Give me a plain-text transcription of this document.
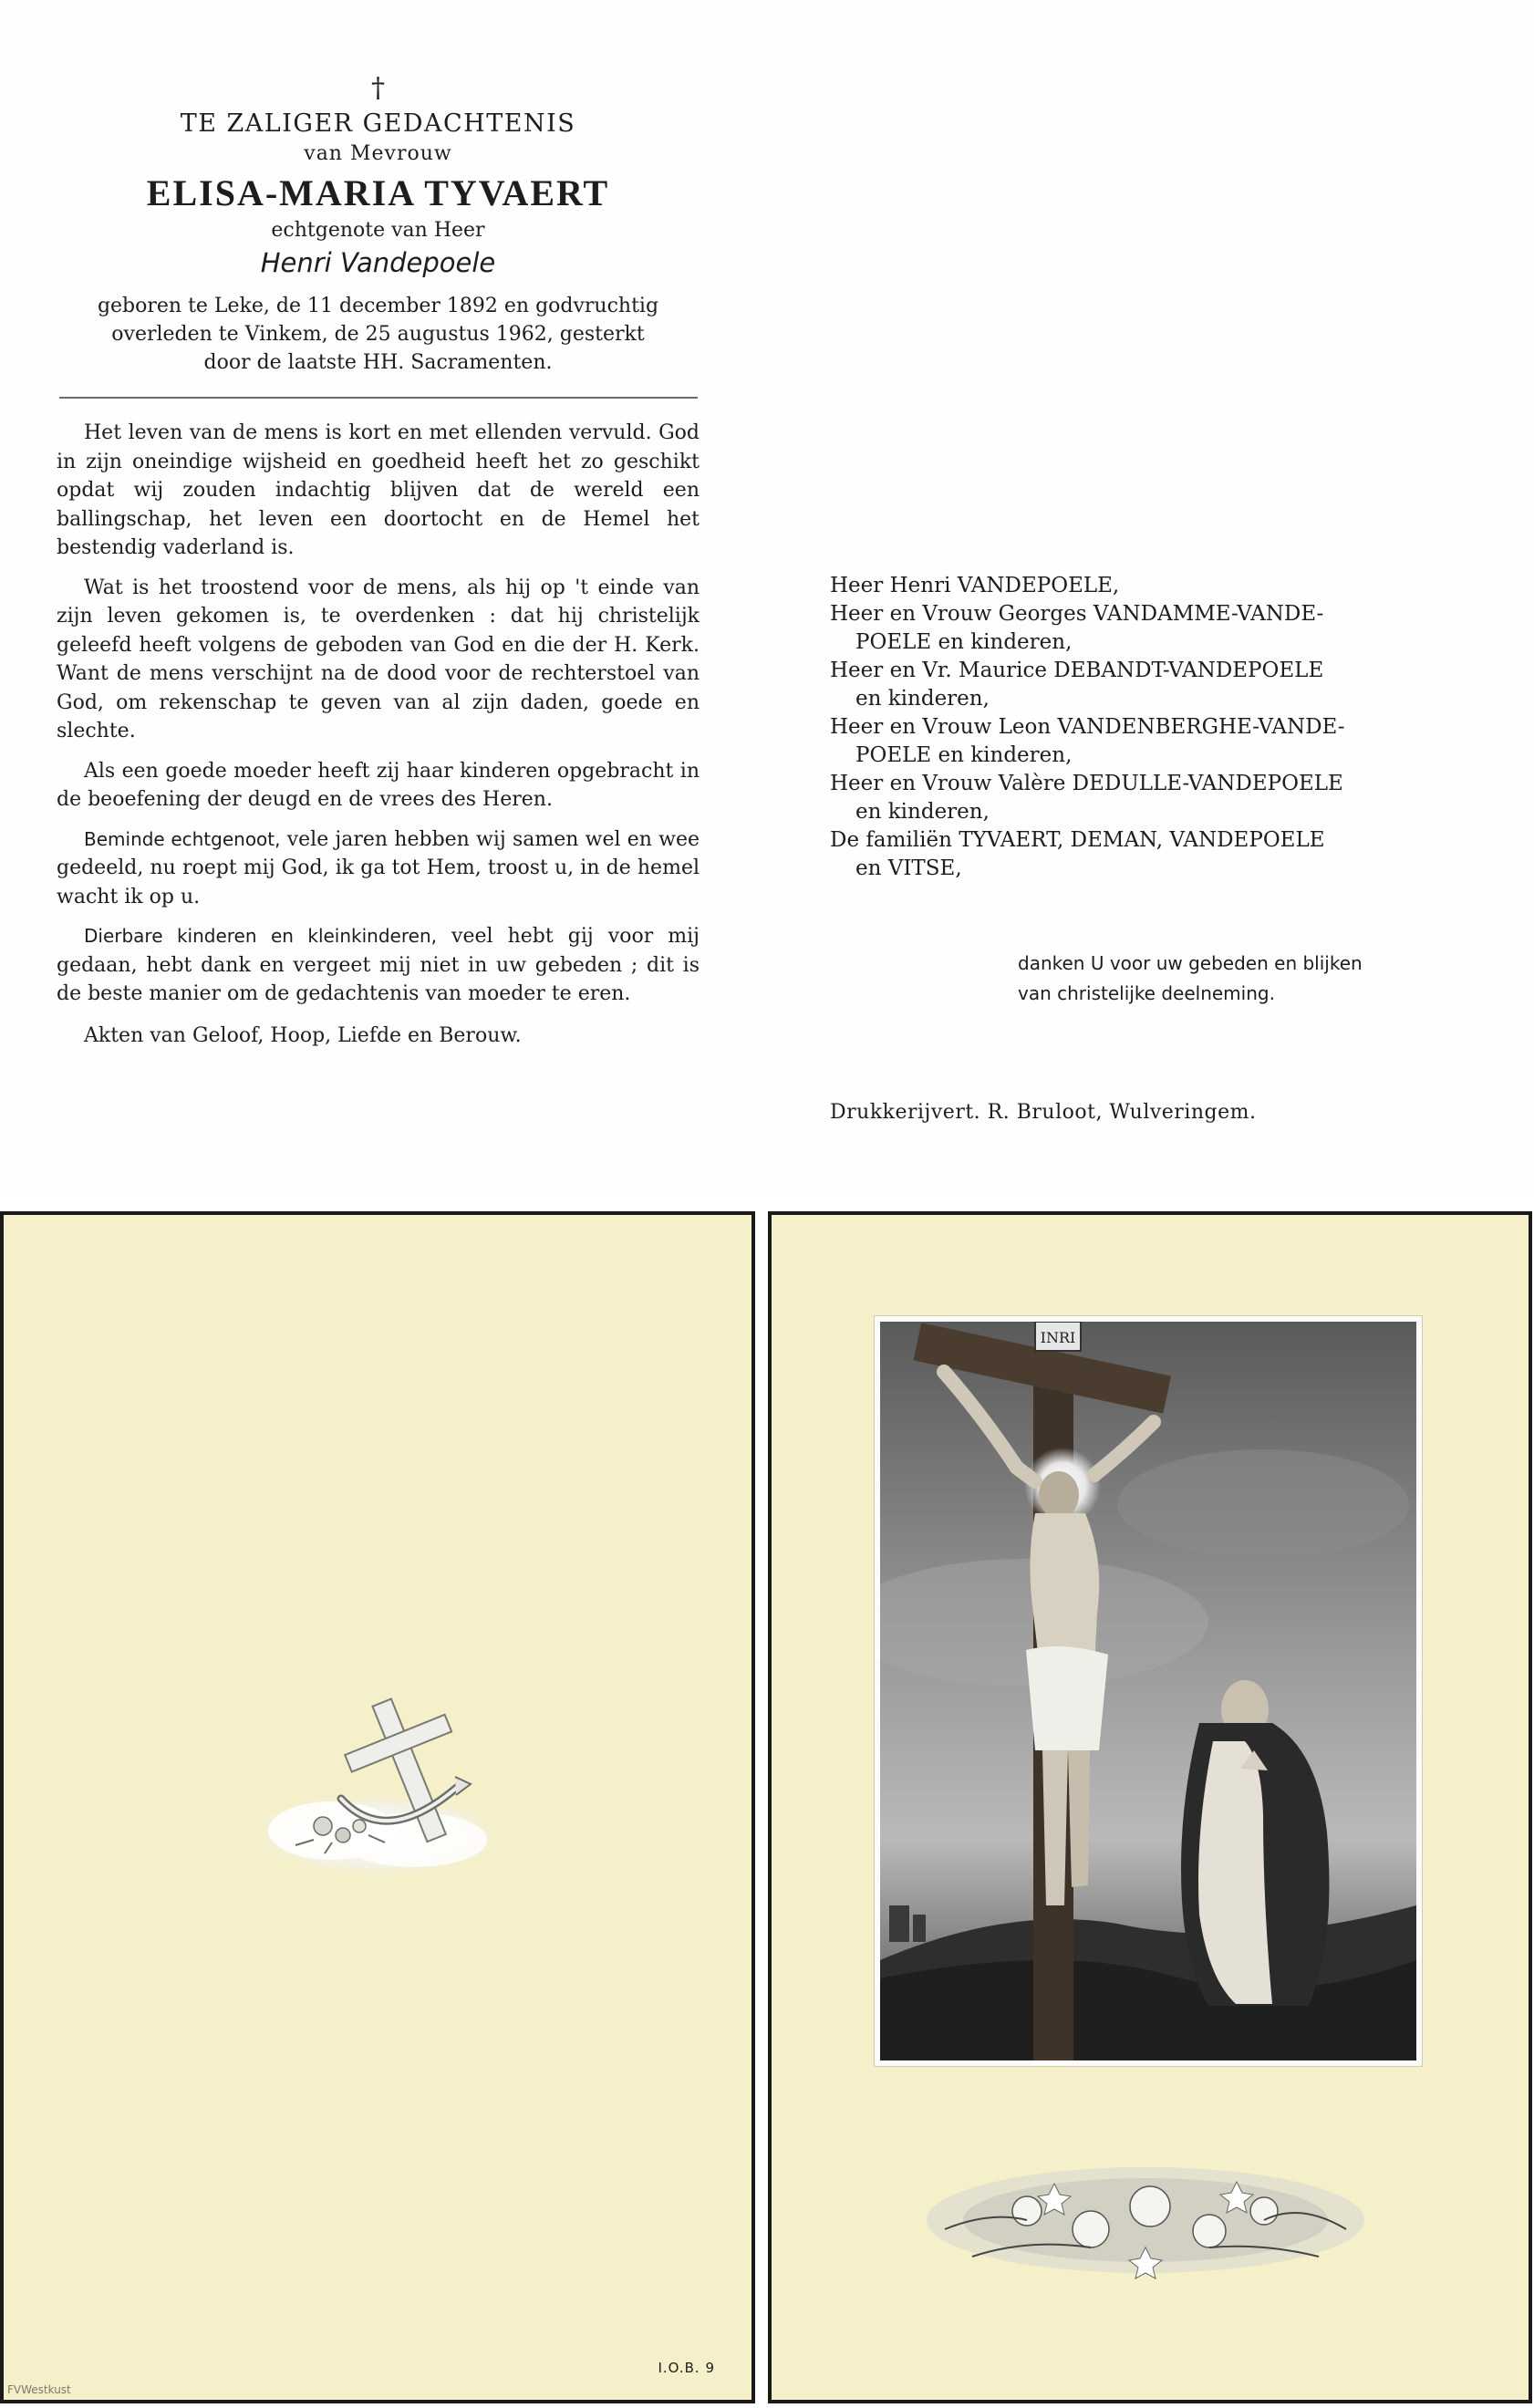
†
TE ZALIGER GEDACHTENIS
van Mevrouw
ELISA-MARIA TYVAERT
echtgenote van Heer
Henri Vandepoele
geboren te Leke, de 11 december 1892 en godvruchtig
overleden te Vinkem, de 25 augustus 1962, gesterkt
door de laatste HH. Sacramenten.

Het leven van de mens is kort en met ellenden vervuld. God in zijn oneindige wijsheid en goedheid heeft het zo geschikt opdat wij zouden indachtig blijven dat de wereld een ballingschap, het leven een doortocht en de Hemel het bestendig vaderland is.

Wat is het troostend voor de mens, als hij op 't einde van zijn leven gekomen is, te overdenken : dat hij christelijk geleefd heeft volgens de geboden van God en die der H. Kerk. Want de mens verschijnt na de dood voor de rechterstoel van God, om rekenschap te geven van al zijn daden, goede en slechte.

Als een goede moeder heeft zij haar kinderen opgebracht in de beoefening der deugd en de vrees des Heren.

Beminde echtgenoot, vele jaren hebben wij samen wel en wee gedeeld, nu roept mij God, ik ga tot Hem, troost u, in de hemel wacht ik op u.

Dierbare kinderen en kleinkinderen, veel hebt gij voor mij gedaan, hebt dank en vergeet mij niet in uw gebeden ; dit is de beste manier om de gedachtenis van moeder te eren.

Akten van Geloof, Hoop, Liefde en Berouw.
Heer Henri VANDEPOELE,
Heer en Vrouw Georges VANDAMME-VANDE-
POELE en kinderen,
Heer en Vr. Maurice DEBANDT-VANDEPOELE
en kinderen,
Heer en Vrouw Leon VANDENBERGHE-VANDE-
POELE en kinderen,
Heer en Vrouw Valère DEDULLE-VANDEPOELE
en kinderen,
De familiën TYVAERT, DEMAN, VANDEPOELE
en VITSE,
danken U voor uw gebeden en blijken
van christelijke deelneming.
Drukkerijvert. R. Bruloot, Wulveringem.
I.O.B. 9
FVWestkust
INRI
